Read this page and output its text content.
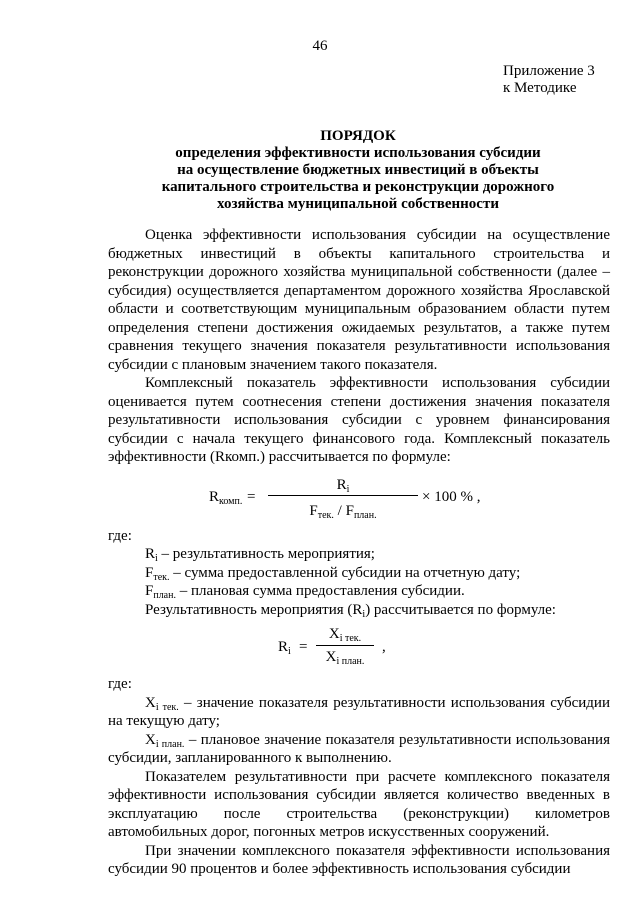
46
Приложение 3
к Методике
ПОРЯДОК
определения эффективности использования субсидии
на осуществление бюджетных инвестиций в объекты
капитального строительства и реконструкции дорожного
хозяйства муниципальной собственности

Оценка эффективности использования субсидии на осуществление бюджетных инвестиций в объекты капитального строительства и реконструкции дорожного хозяйства муниципальной собственности (далее – субсидия) осуществляется департаментом дорожного хозяйства Ярославской области и соответствующим муниципальным образованием области путем определения степени достижения ожидаемых результатов, а также путем сравнения текущего значения показателя результативности использования субсидии с плановым значением такого показателя.

Комплексный показатель эффективности использования субсидии оценивается путем соотнесения степени достижения значения показателя результативности использования субсидии с уровнем финансирования субсидии с начала текущего финансового года. Комплексный показатель эффективности (Rкомп.) рассчитывается по формуле:

$R_{комп.}$ =
$R_i$
$F_{тек.} / F_{план.}$
× 100 % ,

где:

$R_i$ – результативность мероприятия;

$F_{тек.}$ – сумма предоставленной субсидии на отчетную дату;

$F_{план.}$ – плановая сумма предоставления субсидии.

Результативность мероприятия $(R_i)$ рассчитывается по формуле:

$R_i$ =
$X_{i тек.}$
$X_{i план.}$
,

где:

$X_{i тек.}$ – значение показателя результативности использования субсидии на текущую дату;

$X_{i план.}$ – плановое значение показателя результативности использования субсидии, запланированного к выполнению.

Показателем результативности при расчете комплексного показателя эффективности использования субсидии является количество введенных в эксплуатацию после строительства (реконструкции) километров автомобильных дорог, погонных метров искусственных сооружений.

При значении комплексного показателя эффективности использования субсидии 90 процентов и более эффективность использования субсидии
